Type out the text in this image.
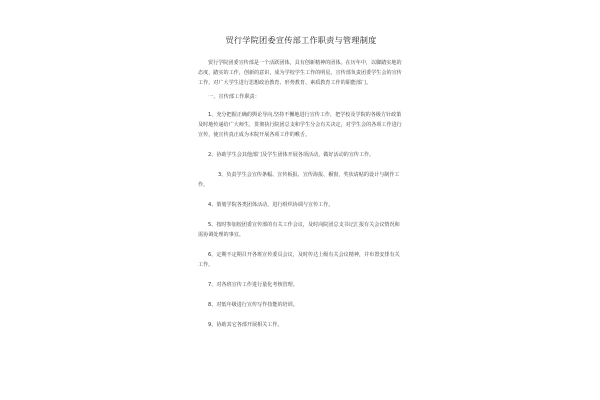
贸行学院团委宣传部工作职责与管理制度

贸行学院团委宣传部是一个活跃团体，具有创新精神的团体。在历年中，以脚踏实地的态度，踏实的工作，创新的意识，成为学校学生工作的明星。宣传部负责团委学生会的宣传工作，对广大学生进行思想政治教育、形势教育、素质教育工作的职能部门。

一、宣传部工作职责：

1、充分把握正确的舆论导向,坚持不懈地进行宣传工作，把学校及学院的各级方针政策及时地传递给广大师生，贯彻执行院团总支和学生分会有关决定，对学生会的各项工作进行宣传，使宣传真正成为本院开展各项工作的喉舌。

2、协助学生会其他部门及学生团体开展各项活动，做好活动的宣传工作。

3、负责学生会宣传条幅、宣传板报、宣传海报、橱窗，奖状请帖的设计与制作工作。

4、策划学院各类团体活动，进行组织协调与宣传工作。

5、按时参加校团委宣传部的有关工作会议，及时向院团总支书记汇报有关会议情况和需协调处理的事宜。

6、定期不定期召开各班宣传委员会议，及时传达上级有关会议精神，并布置安排有关工作。

7、对各班宣传工作进行量化考核管理。

8、对低年级进行宣传写作技能的培训。

9、协助其它各部开展相关工作。
